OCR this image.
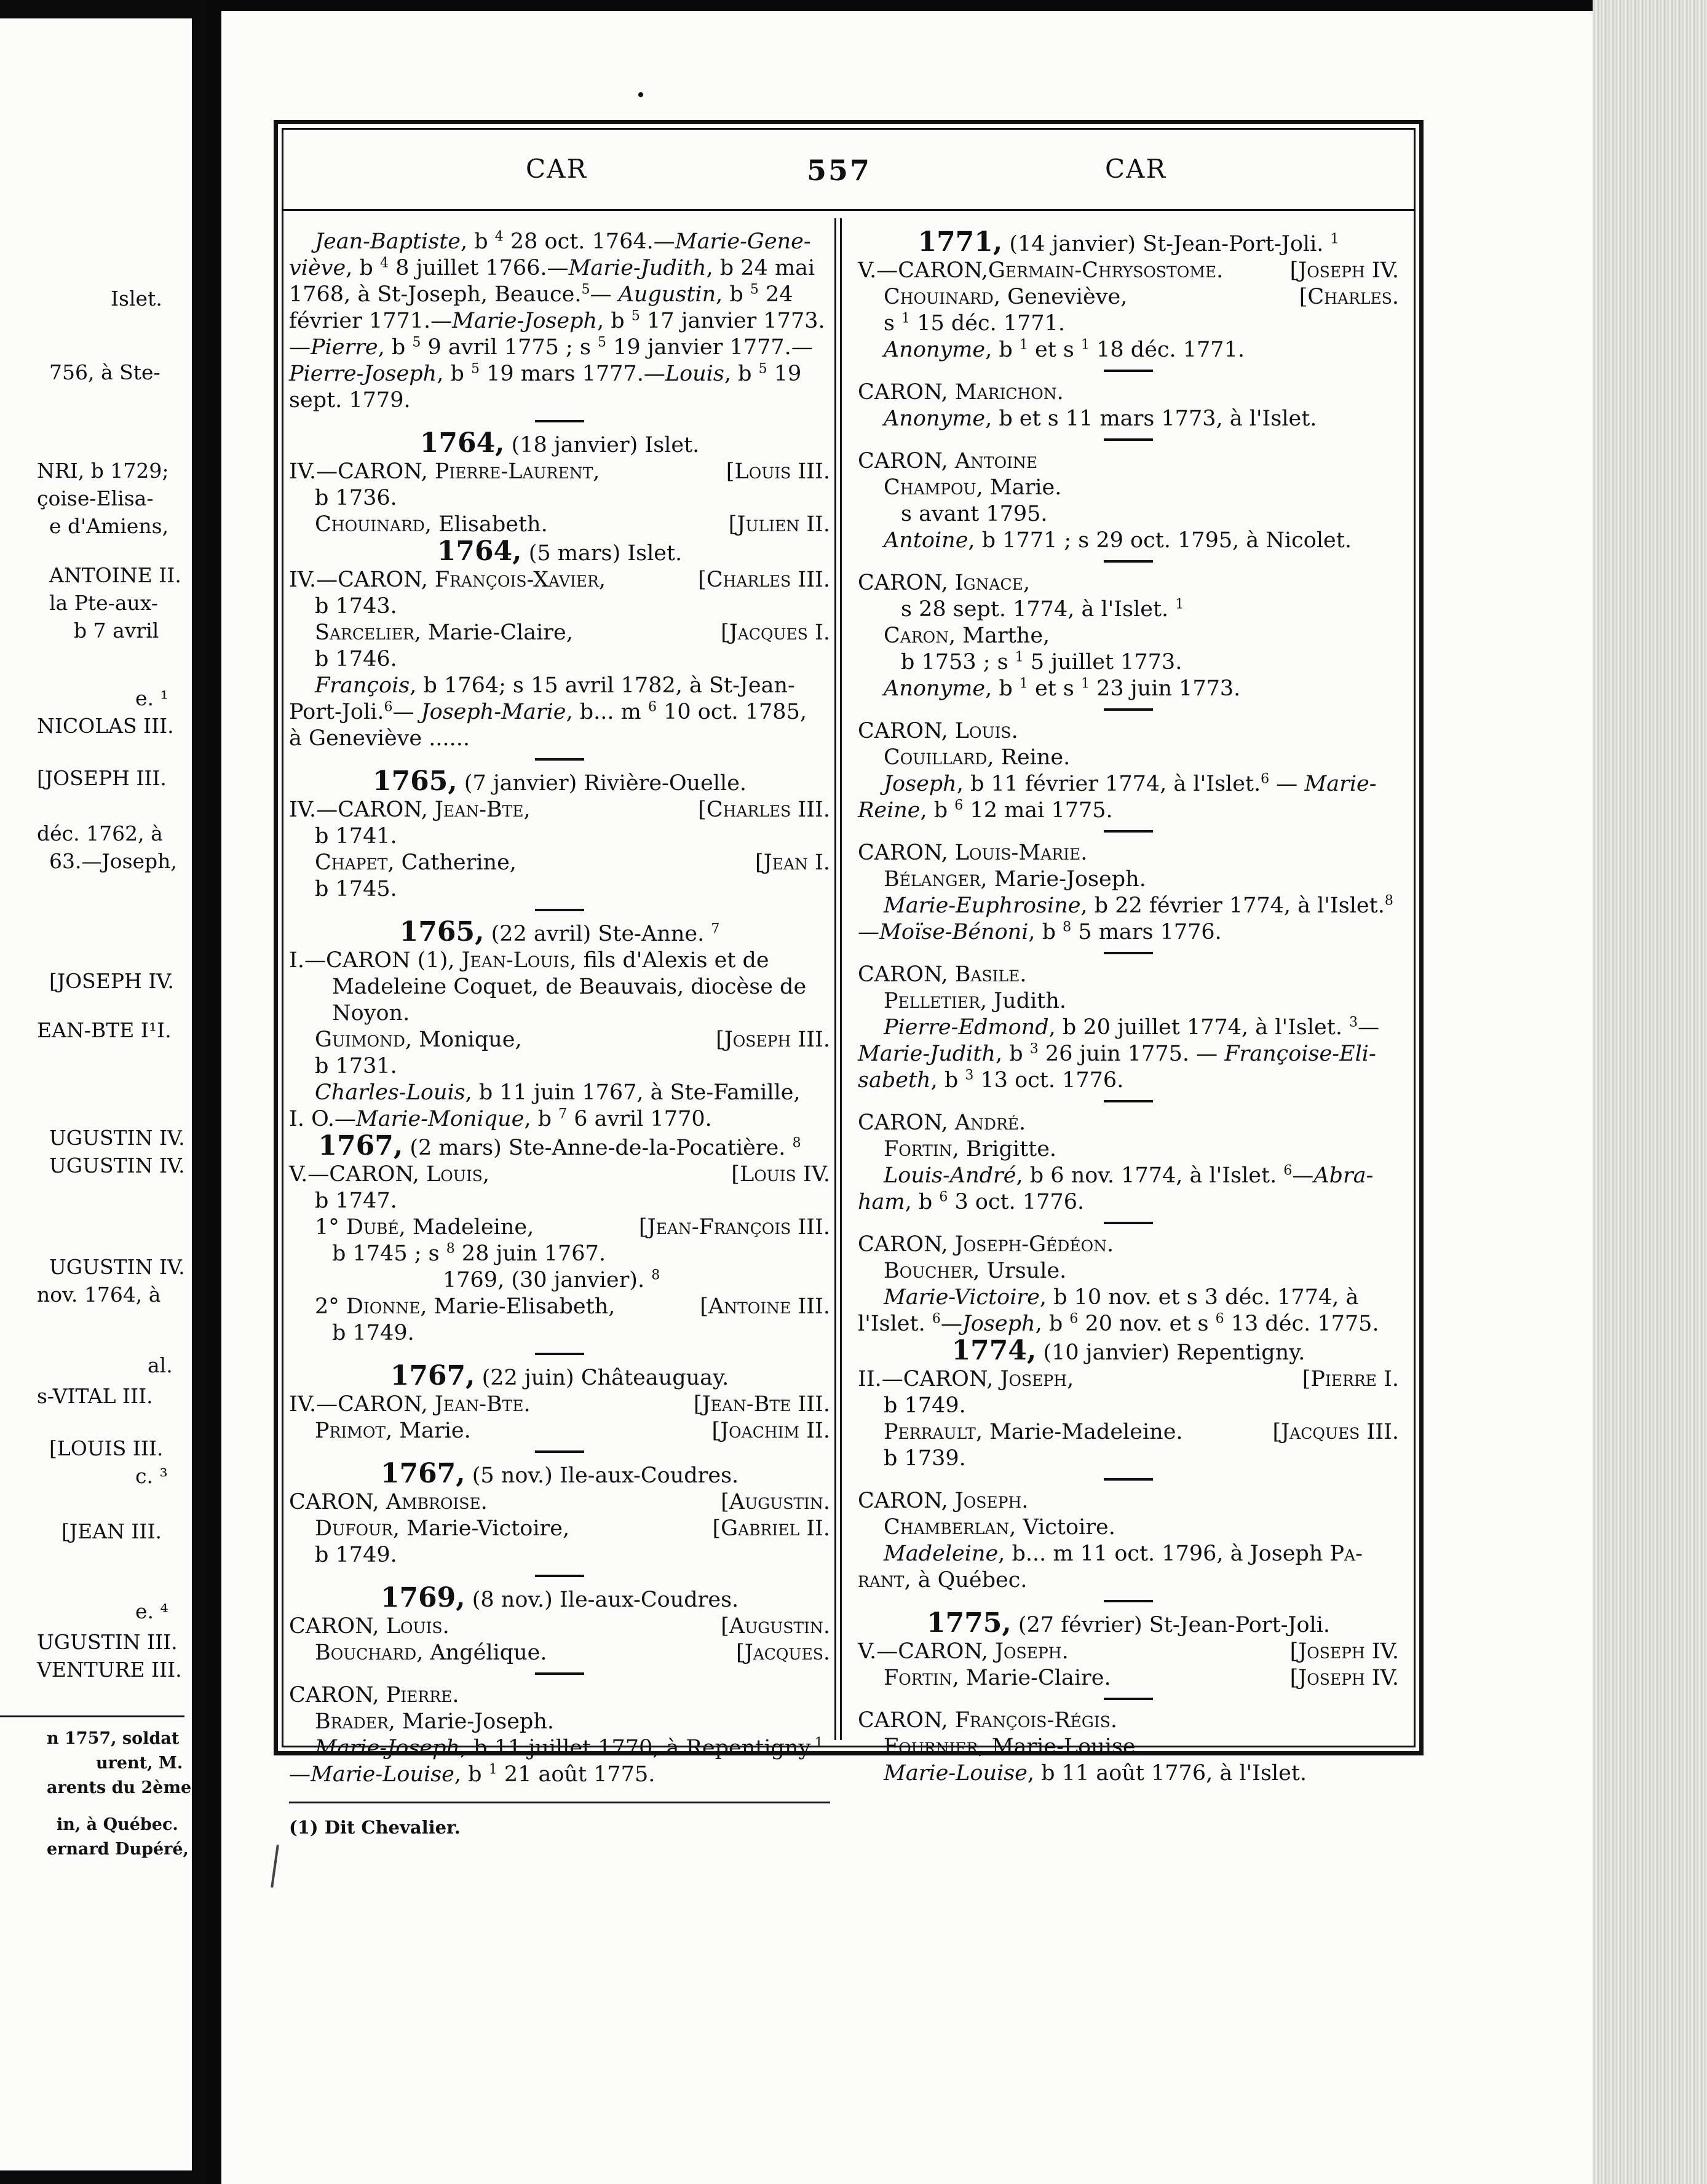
Islet.
756, à Ste-
NRI, b 1729;
çoise-Elisa-
e d'Amiens,
ANTOINE II.
la Pte-aux-
b 7 avril
e. ¹
NICOLAS III.
[JOSEPH III.
déc. 1762, à
63.—Joseph,
[JOSEPH IV.
EAN-BTE I¹I.
UGUSTIN IV.
UGUSTIN IV.
UGUSTIN IV.
nov. 1764, à
al.
s-VITAL III.
[LOUIS III.
c. ³
[JEAN III.
e. ⁴
UGUSTIN III.
VENTURE III.
n 1757, soldat
urent, M.
arents du 2ème
in, à Québec.
ernard Dupéré,
CAR	557	CAR
Jean-Baptiste, b $^4$ 28 oct. 1764.—Marie-Gene-
viève, b $^4$ 8 juillet 1766.—Marie-Judith, b 24 mai
1768, à St-Joseph, Beauce.$^5$— Augustin, b $^5$ 24
février 1771.—Marie-Joseph, b $^5$ 17 janvier 1773.
—Pierre, b $^5$ 9 avril 1775 ; s $^5$ 19 janvier 1777.—
Pierre-Joseph, b $^5$ 19 mars 1777.—Louis, b $^5$ 19
sept. 1779.
1764, (18 janvier) Islet.
IV.—CARON, Pierre-Laurent,	[Louis III.
b 1736.
Chouinard, Elisabeth.	[Julien II.
1764, (5 mars) Islet.
IV.—CARON, François-Xavier,	[Charles III.
b 1743.
Sarcelier, Marie-Claire,	[Jacques I.
b 1746.
François, b 1764; s 15 avril 1782, à St-Jean-
Port-Joli.$^6$— Joseph-Marie, b... m $^6$ 10 oct. 1785,
à Geneviève ......
1765, (7 janvier) Rivière-Ouelle.
IV.—CARON, Jean-Bte,	[Charles III.
b 1741.
Chapet, Catherine,	[Jean I.
b 1745.
1765, (22 avril) Ste-Anne. $^7$
I.—CARON (1), Jean-Louis, fils d'Alexis et de
Madeleine Coquet, de Beauvais, diocèse de
Noyon.
Guimond, Monique,	[Joseph III.
b 1731.
Charles-Louis, b 11 juin 1767, à Ste-Famille,
I. O.—Marie-Monique, b $^7$ 6 avril 1770.
1767, (2 mars) Ste-Anne-de-la-Pocatière. $^8$
V.—CARON, Louis,	[Louis IV.
b 1747.
1° Dubé, Madeleine,	[Jean-François III.
b 1745 ; s $^8$ 28 juin 1767.
1769, (30 janvier). $^8$
2° Dionne, Marie-Elisabeth,	[Antoine III.
b 1749.
1767, (22 juin) Châteauguay.
IV.—CARON, Jean-Bte.	[Jean-Bte III.
Primot, Marie.	[Joachim II.
1767, (5 nov.) Ile-aux-Coudres.
CARON, Ambroise.	[Augustin.
Dufour, Marie-Victoire,	[Gabriel II.
b 1749.
1769, (8 nov.) Ile-aux-Coudres.
CARON, Louis.	[Augustin.
Bouchard, Angélique.	[Jacques.
CARON, Pierre.
Brader, Marie-Joseph.
Marie-Joseph, b 11 juillet 1770, à Repentigny.$^1$
—Marie-Louise, b $^1$ 21 août 1775.
(1) Dit Chevalier.
1771, (14 janvier) St-Jean-Port-Joli. $^1$
V.—CARON,Germain-Chrysostome.	[Joseph IV.
Chouinard, Geneviève,	[Charles.
s $^1$ 15 déc. 1771.
Anonyme, b $^1$ et s $^1$ 18 déc. 1771.
CARON, Marichon.
Anonyme, b et s 11 mars 1773, à l'Islet.
CARON, Antoine
Champou, Marie.
s avant 1795.
Antoine, b 1771 ; s 29 oct. 1795, à Nicolet.
CARON, Ignace,
s 28 sept. 1774, à l'Islet. $^1$
Caron, Marthe,
b 1753 ; s $^1$ 5 juillet 1773.
Anonyme, b $^1$ et s $^1$ 23 juin 1773.
CARON, Louis.
Couillard, Reine.
Joseph, b 11 février 1774, à l'Islet.$^6$ — Marie-
Reine, b $^6$ 12 mai 1775.
CARON, Louis-Marie.
Bélanger, Marie-Joseph.
Marie-Euphrosine, b 22 février 1774, à l'Islet.$^8$
—Moïse-Bénoni, b $^8$ 5 mars 1776.
CARON, Basile.
Pelletier, Judith.
Pierre-Edmond, b 20 juillet 1774, à l'Islet. $^3$—
Marie-Judith, b $^3$ 26 juin 1775. — Françoise-Eli-
sabeth, b $^3$ 13 oct. 1776.
CARON, André.
Fortin, Brigitte.
Louis-André, b 6 nov. 1774, à l'Islet. $^6$—Abra-
ham, b $^6$ 3 oct. 1776.
CARON, Joseph-Gédéon.
Boucher, Ursule.
Marie-Victoire, b 10 nov. et s 3 déc. 1774, à
l'Islet. $^6$—Joseph, b $^6$ 20 nov. et s $^6$ 13 déc. 1775.
1774, (10 janvier) Repentigny.
II.—CARON, Joseph,	[Pierre I.
b 1749.
Perrault, Marie-Madeleine.	[Jacques III.
b 1739.
CARON, Joseph.
Chamberlan, Victoire.
Madeleine, b... m 11 oct. 1796, à Joseph Pa-
rant, à Québec.
1775, (27 février) St-Jean-Port-Joli.
V.—CARON, Joseph.	[Joseph IV.
Fortin, Marie-Claire.	[Joseph IV.
CARON, François-Régis.
Fournier, Marie-Louise.
Marie-Louise, b 11 août 1776, à l'Islet.
